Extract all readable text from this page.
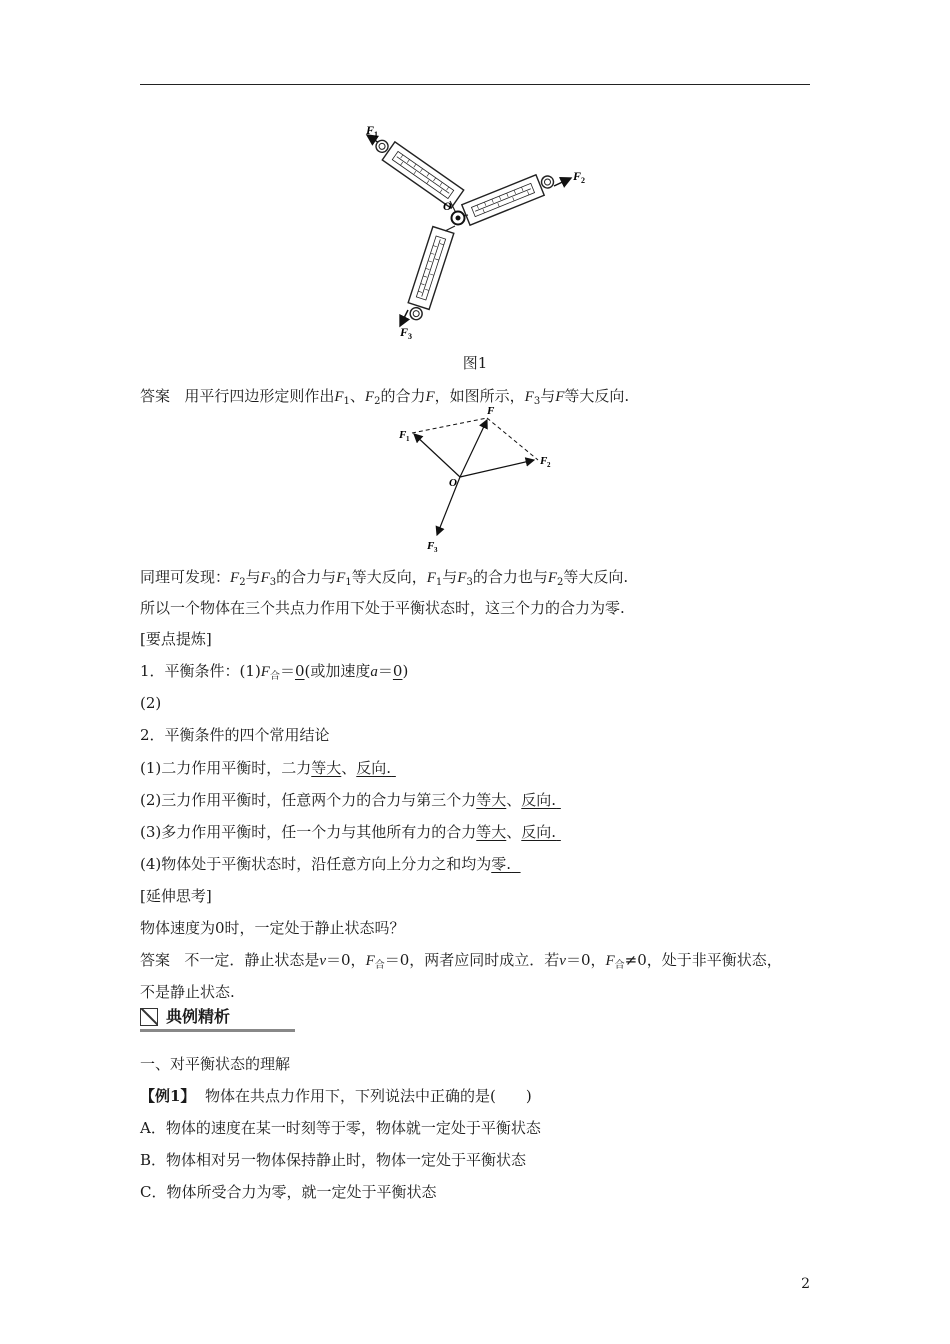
O
F 1
F 2
F 3
图1
答案 用平行四边形定则作出$F_1$、$F_2$的合力F，如图所示，$F_3$与F等大反向.
O
F
F 1
F 2
F 3
同理可发现：$F_2$与$F_3$的合力与$F_1$等大反向，$F_1$与$F_3$的合力也与$F_2$等大反向.
所以一个物体在三个共点力作用下处于平衡状态时，这三个力的合力为零.
[要点提炼]
1．平衡条件：$(1)F_合=0$(或加速度a＝0)
(2)
2．平衡条件的四个常用结论
(1)二力作用平衡时，二力等大、反向.
(2)三力作用平衡时，任意两个力的合力与第三个力等大、反向.
(3)多力作用平衡时，任一个力与其他所有力的合力等大、反向.
(4)物体处于平衡状态时，沿任意方向上分力之和均为零.
[延伸思考]
物体速度为0时，一定处于静止状态吗？
答案 不一定．静止状态是v＝0，$F_合=0$，两者应同时成立．若v＝0，$F_合\ne 0$，处于非平衡状态，
不是静止状态.
典例精析
一、对平衡状态的理解
【例1】 物体在共点力作用下，下列说法中正确的是(　　)
A．物体的速度在某一时刻等于零，物体就一定处于平衡状态
B．物体相对另一物体保持静止时，物体一定处于平衡状态
C．物体所受合力为零，就一定处于平衡状态
2
